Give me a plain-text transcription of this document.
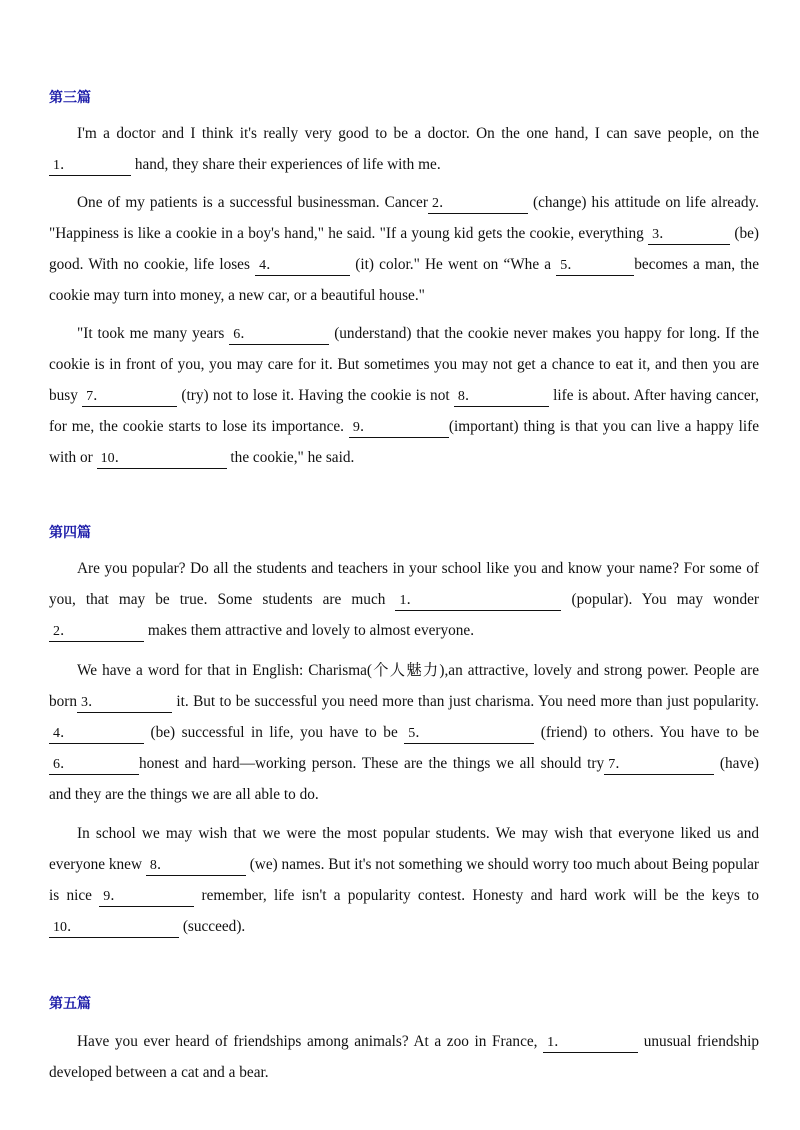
第三篇

I'm a doctor and I think it's really very good to be a doctor. On the one hand, I can save people, on the 1．	hand, they share their experiences of life with me.

One of my patients is a successful businessman. Cancer 2．	(change) his attitude on life already. "Happiness is like a cookie in a boy's hand," he said. "If a young kid gets the cookie, everything 3．	(be) good. With no cookie, life loses 4．	(it) color." He went on “Whe a 5．	becomes a man, the cookie may turn into money, a new car, or a beautiful house."

"It took me many years 6．	(understand) that the cookie never makes you happy for long. If the cookie is in front of you, you may care for it. But sometimes you may not get a chance to eat it, and then you are busy 7．	(try) not to lose it. Having the cookie is not 8．	life is about. After having cancer, for me, the cookie starts to lose its importance. 9．	(important) thing is that you can live a happy life with or 10．	the cookie," he said.

第四篇

Are you popular? Do all the students and teachers in your school like you and know your name? For some of you, that may be true. Some students are much 1．	(popular). You may wonder 2．	makes them attractive and lovely to almost everyone.

We have a word for that in English: Charisma(个人魅力),an attractive, lovely and strong power. People are born 3．	it. But to be successful you need more than just charisma. You need more than just popularity. 4．	(be) successful in life, you have to be 5．	(friend) to others. You have to be 6．	honest and hard—working person. These are the things we all should try 7．	(have) and they are the things we are all able to do.

In school we may wish that we were the most popular students. We may wish that everyone liked us and everyone knew 8．	(we) names. But it's not something we should worry too much about Being popular is nice 9．	remember, life isn't a popularity contest. Honesty and hard work will be the keys to 10．	(succeed).

第五篇

Have you ever heard of friendships among animals? At a zoo in France, 1．	unusual friendship developed between a cat and a bear.
